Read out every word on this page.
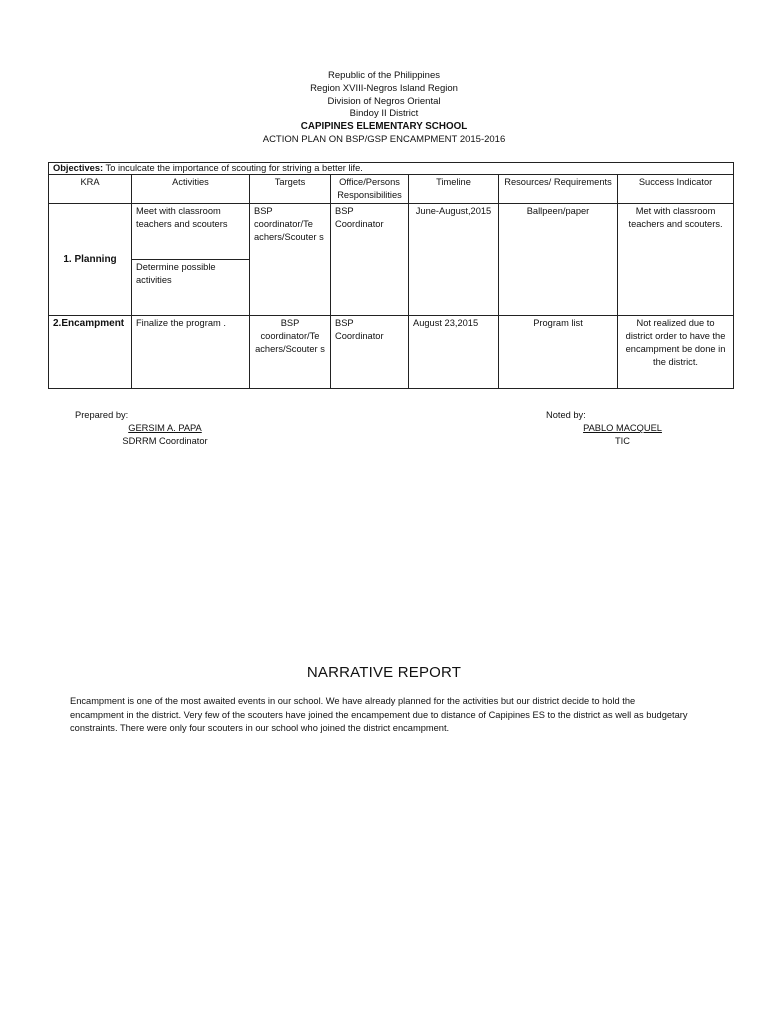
Republic of the Philippines
Region XVIII-Negros Island Region
Division of Negros Oriental
Bindoy II District
CAPIPINES ELEMENTARY SCHOOL
ACTION PLAN ON BSP/GSP ENCAMPMENT 2015-2016
Objectives: To inculcate the importance of scouting for striving a better life.						
KRA	Activities	Targets	Office/Persons Responsibilities	Timeline	Resources/ Requirements	Success Indicator
1. Planning	Meet with classroom teachers and scouters	BSP coordinator/Te achers/Scouter s	BSP Coordinator	June-August,2015	Ballpeen/paper	Met with classroom teachers and scouters.
	Determine possible activities					
2.Encampment	Finalize the program .	BSP coordinator/Te achers/Scouter s	BSP Coordinator	August 23,2015	Program list	Not realized due to district order to have the encampment be done in the district.
Prepared by:
GERSIM A. PAPA
SDRRM Coordinator
Noted by:
PABLO MACQUEL
TIC
NARRATIVE REPORT
Encampment is one of the most awaited events in our school. We have already planned for the activities but our district decide to hold the encampment in the district. Very few of the scouters have joined the encampement due to distance of Capipines ES to the district as well as budgetary constraints. There were only four scouters in our school who joined the district encampment.
